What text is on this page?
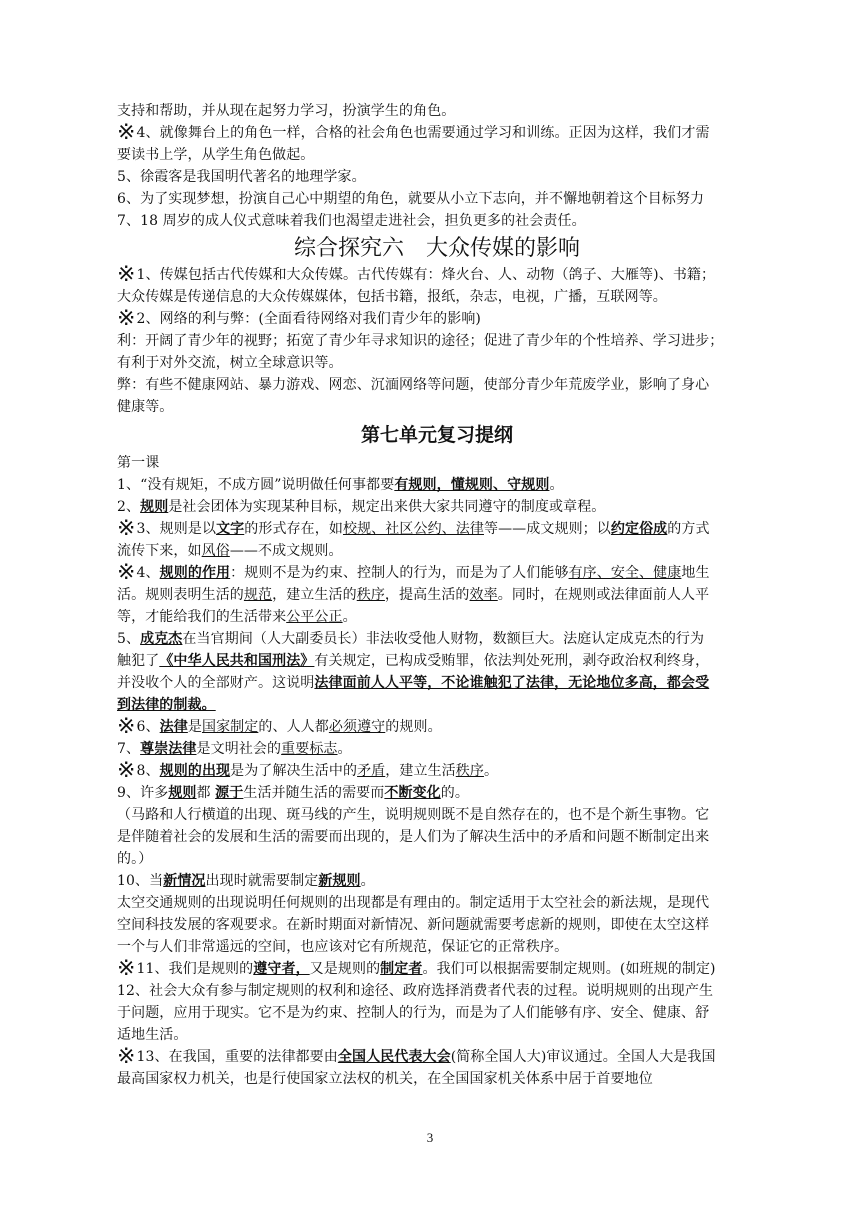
支持和帮助，并从现在起努力学习，扮演学生的角色。
※4、就像舞台上的角色一样，合格的社会角色也需要通过学习和训练。正因为这样，我们才需
要读书上学，从学生角色做起。
5、徐霞客是我国明代著名的地理学家。
6、为了实现梦想，扮演自己心中期望的角色，就要从小立下志向，并不懈地朝着这个目标努力
7、18 周岁的成人仪式意味着我们也渴望走进社会，担负更多的社会责任。
综合探究六　大众传媒的影响
※1、传媒包括古代传媒和大众传媒。古代传媒有：烽火台、人、动物（鸽子、大雁等)、书籍；
大众传媒是传递信息的大众传媒媒体，包括书籍，报纸，杂志，电视，广播，互联网等。
※2、网络的利与弊：(全面看待网络对我们青少年的影响)
利：开阔了青少年的视野；拓宽了青少年寻求知识的途径；促进了青少年的个性培养、学习进步；
有利于对外交流，树立全球意识等。
弊：有些不健康网站、暴力游戏、网恋、沉湎网络等问题，使部分青少年荒废学业，影响了身心
健康等。
第七单元复习提纲
第一课
1、“没有规矩，不成方圆”说明做任何事都要有规则，懂规则、守规则。
2、规则是社会团体为实现某种目标，规定出来供大家共同遵守的制度或章程。
※3、规则是以文字的形式存在，如校规、社区公约、法律等——成文规则；以约定俗成的方式
流传下来，如风俗——不成文规则。
※4、规则的作用：规则不是为约束、控制人的行为，而是为了人们能够有序、安全、健康地生
活。规则表明生活的规范，建立生活的秩序，提高生活的效率。同时，在规则或法律面前人人平
等，才能给我们的生活带来公平公正。
5、成克杰在当官期间（人大副委员长）非法收受他人财物，数额巨大。法庭认定成克杰的行为
触犯了《中华人民共和国刑法》有关规定，已构成受贿罪，依法判处死刑，剥夺政治权利终身，
并没收个人的全部财产。这说明法律面前人人平等，不论谁触犯了法律，无论地位多高，都会受
到法律的制裁。
※6、法律是国家制定的、人人都必须遵守的规则。
7、尊崇法律是文明社会的重要标志。
※8、规则的出现是为了解决生活中的矛盾，建立生活秩序。
9、许多规则都 源于生活并随生活的需要而不断变化的。
（马路和人行横道的出现、斑马线的产生，说明规则既不是自然存在的，也不是个新生事物。它
是伴随着社会的发展和生活的需要而出现的，是人们为了解决生活中的矛盾和问题不断制定出来
的。）
10、当新情况出现时就需要制定新规则。
太空交通规则的出现说明任何规则的出现都是有理由的。制定适用于太空社会的新法规，是现代
空间科技发展的客观要求。在新时期面对新情况、新问题就需要考虑新的规则，即使在太空这样
一个与人们非常遥远的空间，也应该对它有所规范，保证它的正常秩序。
※11、我们是规则的遵守者，又是规则的制定者。我们可以根据需要制定规则。(如班规的制定)
12、社会大众有参与制定规则的权利和途径、政府选择消费者代表的过程。说明规则的出现产生
于问题，应用于现实。它不是为约束、控制人的行为，而是为了人们能够有序、安全、健康、舒
适地生活。
※13、在我国，重要的法律都要由全国人民代表大会(简称全国人大)审议通过。全国人大是我国
最高国家权力机关，也是行使国家立法权的机关，在全国国家机关体系中居于首要地位
3
